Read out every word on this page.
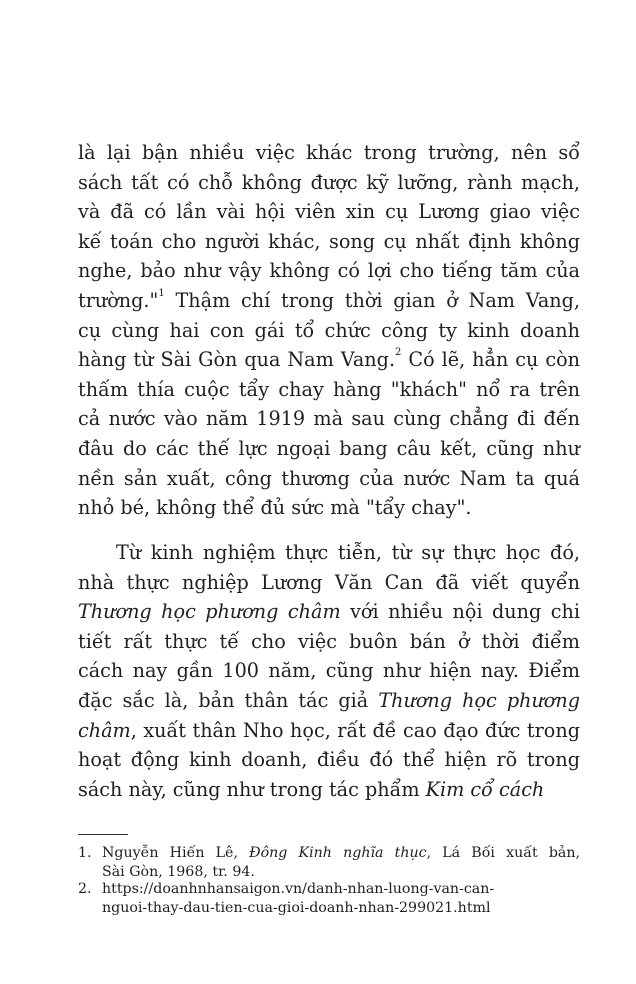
là lại bận nhiều việc khác trong trường, nên sổ
sách tất có chỗ không được kỹ lưỡng, rành mạch,
và đã có lần vài hội viên xin cụ Lương giao việc
kế toán cho người khác, song cụ nhất định không
nghe, bảo như vậy không có lợi cho tiếng tăm của
trường."$^1$ Thậm chí trong thời gian ở Nam Vang,
cụ cùng hai con gái tổ chức công ty kinh doanh
hàng từ Sài Gòn qua Nam Vang.$^2$ Có lẽ, hẳn cụ còn
thấm thía cuộc tẩy chay hàng "khách" nổ ra trên
cả nước vào năm 1919 mà sau cùng chẳng đi đến
đâu do các thế lực ngoại bang câu kết, cũng như
nền sản xuất, công thương của nước Nam ta quá
nhỏ bé, không thể đủ sức mà "tẩy chay".
Từ kinh nghiệm thực tiễn, từ sự thực học đó,
nhà thực nghiệp Lương Văn Can đã viết quyển
Thương học phương châm với nhiều nội dung chi
tiết rất thực tế cho việc buôn bán ở thời điểm
cách nay gần 100 năm, cũng như hiện nay. Điểm
đặc sắc là, bản thân tác giả Thương học phương
châm, xuất thân Nho học, rất đề cao đạo đức trong
hoạt động kinh doanh, điều đó thể hiện rõ trong
sách này, cũng như trong tác phẩm Kim cổ cách
1. Nguyễn Hiến Lê, Đông Kinh nghĩa thục, Lá Bối xuất bản,
Sài Gòn, 1968, tr. 94.
2. https://doanhnhansaigon.vn/danh-nhan-luong-van-can-
nguoi-thay-dau-tien-cua-gioi-doanh-nhan-299021.html
